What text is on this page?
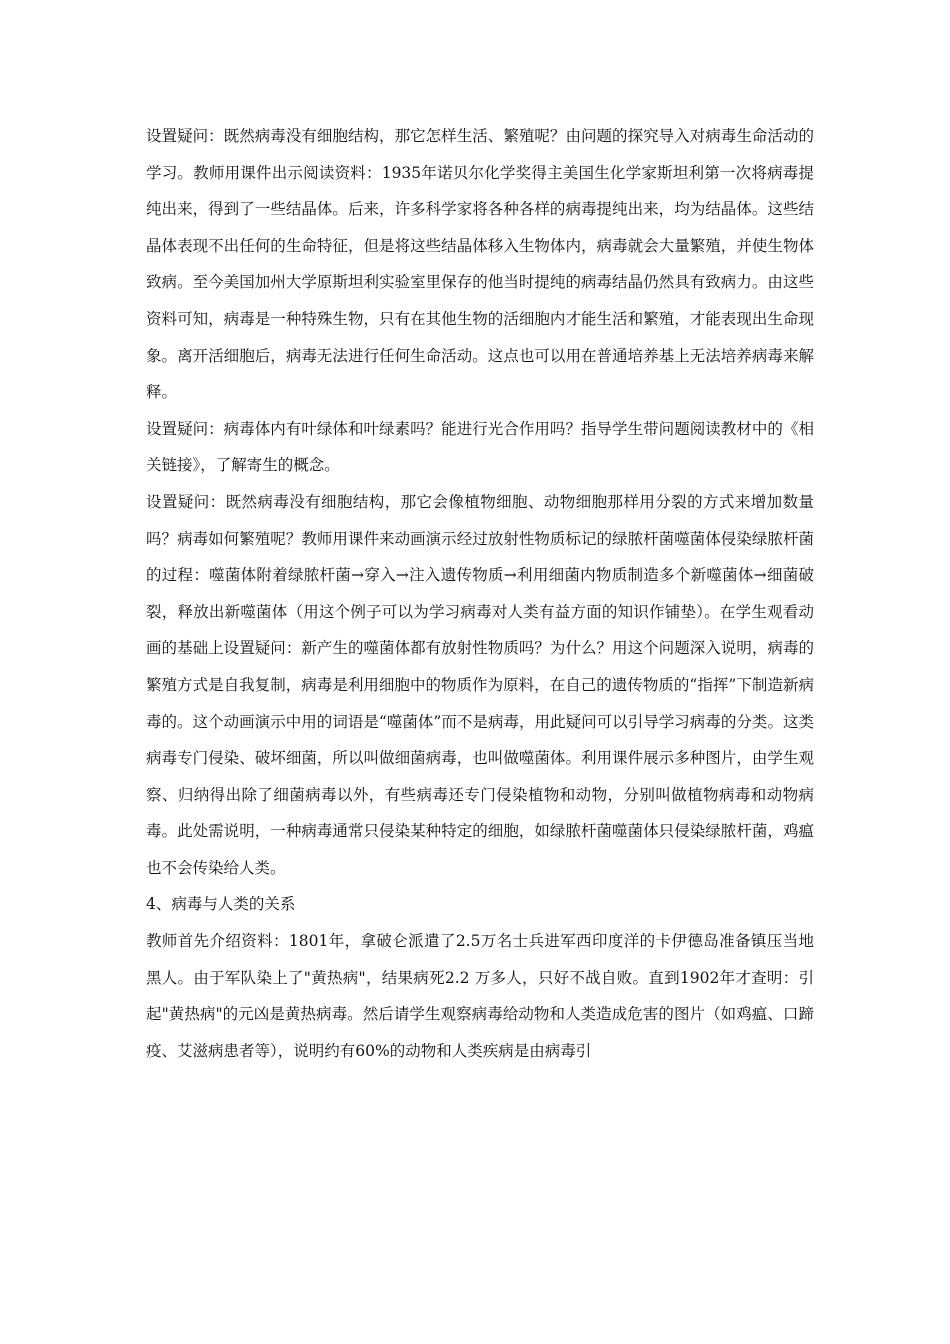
设置疑问：既然病毒没有细胞结构，那它怎样生活、繁殖呢？由问题的探究导入对病毒生命活动的学习。教师用课件出示阅读资料：1935年诺贝尔化学奖得主美国生化学家斯坦利第一次将病毒提纯出来，得到了一些结晶体。后来，许多科学家将各种各样的病毒提纯出来，均为结晶体。这些结晶体表现不出任何的生命特征，但是将这些结晶体移入生物体内，病毒就会大量繁殖，并使生物体致病。至今美国加州大学原斯坦利实验室里保存的他当时提纯的病毒结晶仍然具有致病力。由这些资料可知，病毒是一种特殊生物，只有在其他生物的活细胞内才能生活和繁殖，才能表现出生命现象。离开活细胞后，病毒无法进行任何生命活动。这点也可以用在普通培养基上无法培养病毒来解释。

设置疑问：病毒体内有叶绿体和叶绿素吗？能进行光合作用吗？指导学生带问题阅读教材中的《相关链接》，了解寄生的概念。

设置疑问：既然病毒没有细胞结构，那它会像植物细胞、动物细胞那样用分裂的方式来增加数量吗？病毒如何繁殖呢？教师用课件来动画演示经过放射性物质标记的绿脓杆菌噬菌体侵染绿脓杆菌的过程：噬菌体附着绿脓杆菌→穿入→注入遗传物质→利用细菌内物质制造多个新噬菌体→细菌破裂，释放出新噬菌体（用这个例子可以为学习病毒对人类有益方面的知识作铺垫）。在学生观看动画的基础上设置疑问：新产生的噬菌体都有放射性物质吗？为什么？用这个问题深入说明，病毒的繁殖方式是自我复制，病毒是利用细胞中的物质作为原料，在自己的遗传物质的“指挥”下制造新病毒的。这个动画演示中用的词语是“噬菌体”而不是病毒，用此疑问可以引导学习病毒的分类。这类病毒专门侵染、破坏细菌，所以叫做细菌病毒，也叫做噬菌体。利用课件展示多种图片，由学生观察、归纳得出除了细菌病毒以外，有些病毒还专门侵染植物和动物，分别叫做植物病毒和动物病毒。此处需说明，一种病毒通常只侵染某种特定的细胞，如绿脓杆菌噬菌体只侵染绿脓杆菌，鸡瘟也不会传染给人类。

4、病毒与人类的关系

教师首先介绍资料：1801年，拿破仑派遣了2.5万名士兵进军西印度洋的卡伊德岛准备镇压当地黑人。由于军队染上了"黄热病"，结果病死2.2 万多人，只好不战自败。直到1902年才查明：引起"黄热病"的元凶是黄热病毒。然后请学生观察病毒给动物和人类造成危害的图片（如鸡瘟、口蹄疫、艾滋病患者等），说明约有60%的动物和人类疾病是由病毒引
